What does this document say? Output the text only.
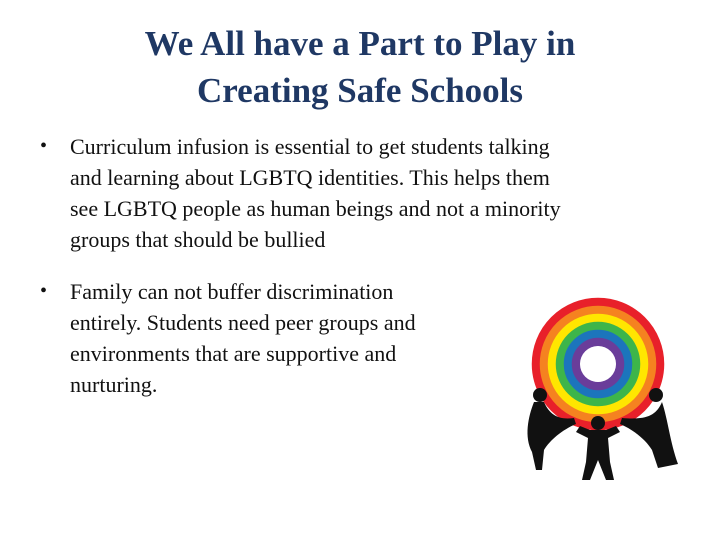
We All have a Part to Play in
Creating Safe Schools
• Curriculum infusion is essential to get students talking
and learning about LGBTQ identities. This helps them
see LGBTQ people as human beings and not a minority
groups that should be bullied
• Family can not buffer discrimination
entirely. Students need peer groups and
environments that are supportive and
nurturing.
